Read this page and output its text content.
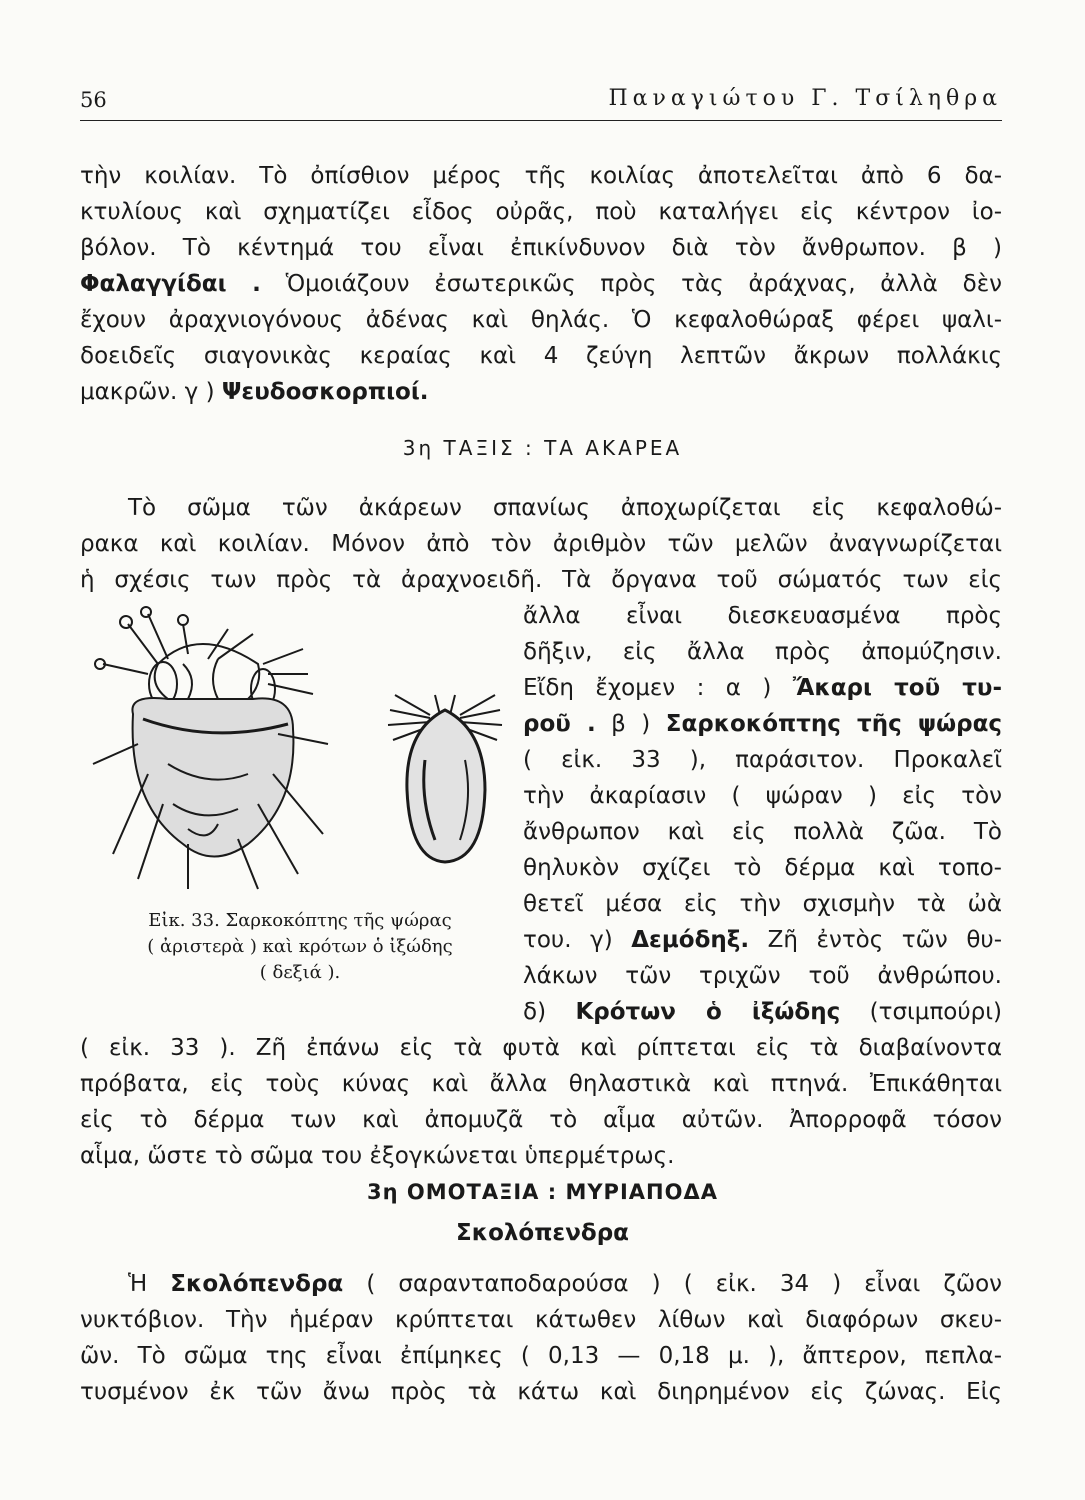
56	Παναγιώτου Γ. Τσίληθρα
τὴν κοιλίαν. Τὸ ὀπίσθιον μέρος τῆς κοιλίας ἀποτελεῖται ἀπὸ 6 δα-
κτυλίους καὶ σχηματίζει εἶδος οὐρᾶς, ποὺ καταλήγει εἰς κέντρον ἰο-
βόλον. Τὸ κέντημά του εἶναι ἐπικίνδυνον διὰ τὸν ἄνθρωπον. β )
Φαλαγγίδαι . Ὁμοιάζουν ἐσωτερικῶς πρὸς τὰς ἀράχνας, ἀλλὰ δὲν
ἔχουν ἀραχνιογόνους ἀδένας καὶ θηλάς. Ὁ κεφαλοθώραξ φέρει ψαλι-
δοειδεῖς σιαγονικὰς κεραίας καὶ 4 ζεύγη λεπτῶν ἄκρων πολλάκις
μακρῶν. γ ) Ψευδοσκορπιοί.
3η ΤΑΞΙΣ : ΤΑ ΑΚΑΡΕΑ
Τὸ σῶμα τῶν ἀκάρεων σπανίως ἀποχωρίζεται εἰς κεφαλοθώ-
ρακα καὶ κοιλίαν. Μόνον ἀπὸ τὸν ἀριθμὸν τῶν μελῶν ἀναγνωρίζεται
ἡ σχέσις των πρὸς τὰ ἀραχνοειδῆ. Τὰ ὄργανα τοῦ σώματός των εἰς
ἄλλα εἶναι διεσκευασμένα πρὸς
δῆξιν, εἰς ἄλλα πρὸς ἀπομύζησιν.
Εἴδη ἔχομεν : α ) Ἄκαρι τοῦ τυ-
ροῦ . β ) Σαρκοκόπτης τῆς ψώρας
( εἰκ. 33 ), παράσιτον. Προκαλεῖ
τὴν ἀκαρίασιν ( ψώραν ) εἰς τὸν
ἄνθρωπον καὶ εἰς πολλὰ ζῶα. Τὸ
θηλυκὸν σχίζει τὸ δέρμα καὶ τοπο-
θετεῖ μέσα εἰς τὴν σχισμὴν τὰ ὠὰ
του. γ) Δεμόδηξ. Ζῆ ἐντὸς τῶν θυ-
λάκων τῶν τριχῶν τοῦ ἀνθρώπου.
δ) Κρότων ὁ ἰξώδης (τσιμπούρι)
Εἰκ. 33. Σαρκοκόπτης τῆς ψώρας
( ἀριστερὰ ) καὶ κρότων ὁ ἰξώδης
( δεξιά ).
( εἰκ. 33 ). Ζῆ ἐπάνω εἰς τὰ φυτὰ καὶ ρίπτεται εἰς τὰ διαβαίνοντα
πρόβατα, εἰς τοὺς κύνας καὶ ἄλλα θηλαστικὰ καὶ πτηνά. Ἐπικάθηται
εἰς τὸ δέρμα των καὶ ἀπομυζᾶ τὸ αἷμα αὐτῶν. Ἀπορροφᾶ τόσον
αἷμα, ὥστε τὸ σῶμα του ἐξογκώνεται ὑπερμέτρως.
3η ΟΜΟΤΑΞΙΑ : ΜΥΡΙΑΠΟΔΑ
Σκολόπενδρα
Ἡ Σκολόπενδρα ( σαρανταποδαρούσα ) ( εἰκ. 34 ) εἶναι ζῶον
νυκτόβιον. Τὴν ἡμέραν κρύπτεται κάτωθεν λίθων καὶ διαφόρων σκευ-
ῶν. Τὸ σῶμα της εἶναι ἐπίμηκες ( 0,13 — 0,18 μ. ), ἄπτερον, πεπλα-
τυσμένον ἐκ τῶν ἄνω πρὸς τὰ κάτω καὶ διηρημένον εἰς ζώνας. Εἰς
